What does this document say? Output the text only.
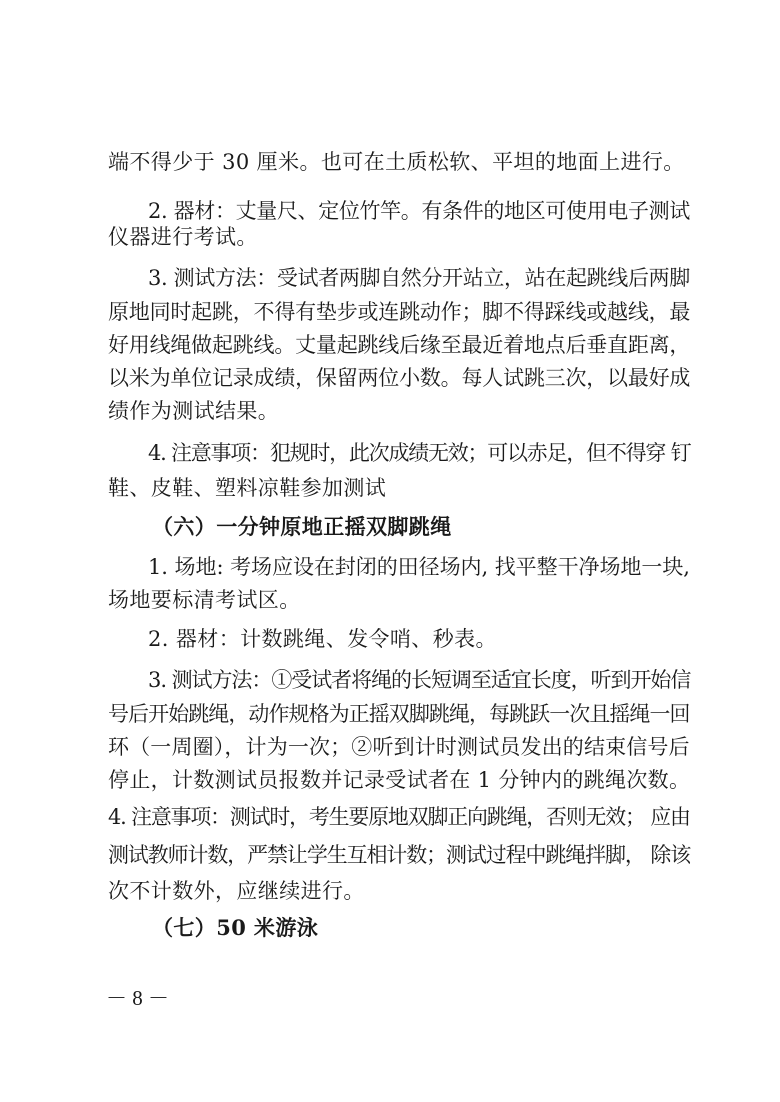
端不得少于 30 厘米。也可在土质松软、平坦的地面上进行。
2. 器材：丈量尺、定位竹竿。有条件的地区可使用电子测试
仪器进行考试。
3. 测试方法：受试者两脚自然分开站立，站在起跳线后两脚
原地同时起跳，不得有垫步或连跳动作；脚不得踩线或越线，最
好用线绳做起跳线。丈量起跳线后缘至最近着地点后垂直距离，
以米为单位记录成绩，保留两位小数。每人试跳三次，以最好成
绩作为测试结果。
4. 注意事项：犯规时，此次成绩无效；可以赤足，但不得穿 钉
鞋、皮鞋、塑料凉鞋参加测试
（六）一分钟原地正摇双脚跳绳
1. 场地: 考场应设在封闭的田径场内, 找平整干净场地一块,
场地要标清考试区。
2. 器材：计数跳绳、发令哨、秒表。
3. 测试方法：①受试者将绳的长短调至适宜长度，听到开始信
号后开始跳绳，动作规格为正摇双脚跳绳，每跳跃一次且摇绳一回
环（一周圈），计为一次；②听到计时测试员发出的结束信号后
停止，计数测试员报数并记录受试者在 1 分钟内的跳绳次数。
4. 注意事项：测试时，考生要原地双脚正向跳绳，否则无效； 应由
测试教师计数，严禁让学生互相计数；测试过程中跳绳拌脚， 除该
次不计数外，应继续进行。
（七）50 米游泳
－ 8 －
